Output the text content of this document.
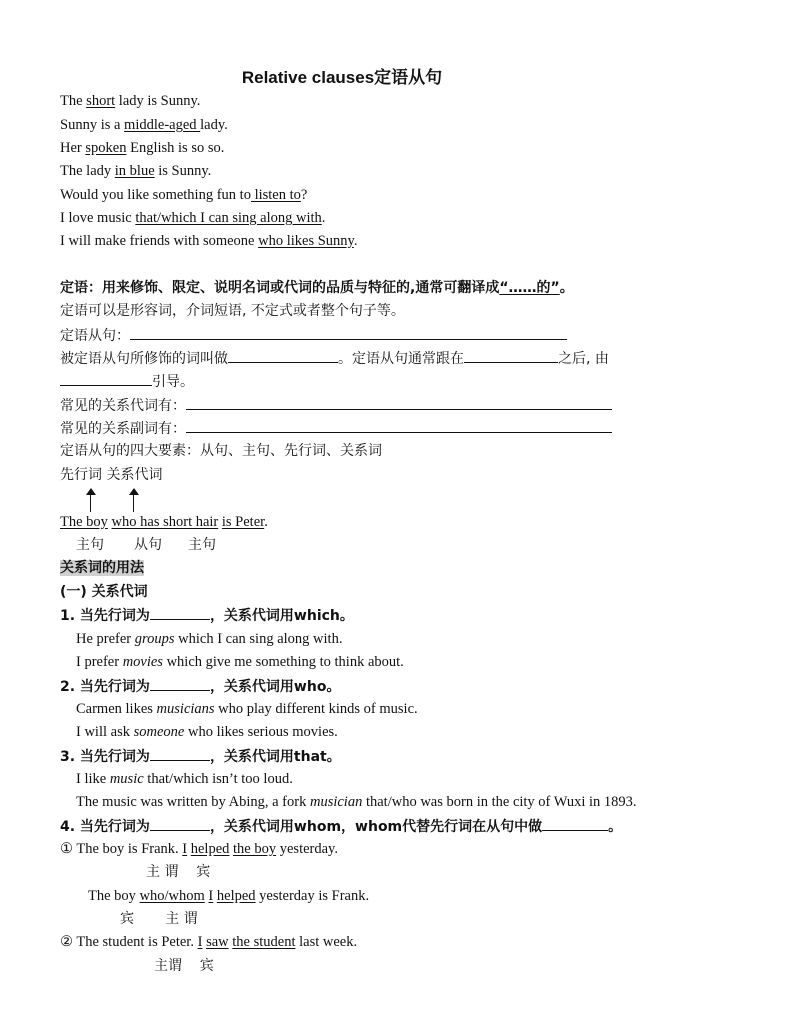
Relative clauses定语从句
The short lady is Sunny.
Sunny is a middle-aged lady.
Her spoken English is so so.
The lady in blue is Sunny.
Would you like something fun to listen to?
I love music that/which I can sing along with.
I will make friends with someone who likes Sunny.
定语：用来修饰、限定、说明名词或代词的品质与特征的,通常可翻译成“……的”。
定语可以是形容词，介词短语, 不定式或者整个句子等。
定语从句：
被定语从句所修饰的词叫做	。定语从句通常跟在	之后, 由
引导。
常见的关系代词有：
常见的关系副词有：
定语从句的四大要素：从句、主句、先行词、关系词
先行词 关系代词
The boy who has short hair is Peter.
主句 从句 主句
关系词的用法
(一) 关系代词
1. 当先行词为	，关系代词用which。
He prefer groups which I can sing along with.
I prefer movies which give me something to think about.
2. 当先行词为	，关系代词用who。
Carmen likes musicians who play different kinds of music.
I will ask someone who likes serious movies.
3. 当先行词为	，关系代词用that。
I like music that/which isn’t too loud.
The music was written by Abing, a fork musician that/who was born in the city of Wuxi in 1893.
4. 当先行词为	，关系代词用whom，whom代替先行词在从句中做	。
① The boy is Frank. I helped the boy yesterday.
主 谓    宾
The boy who/whom I helped yesterday is Frank.
宾       主 谓
② The student is Peter. I saw the student last week.
主谓    宾
